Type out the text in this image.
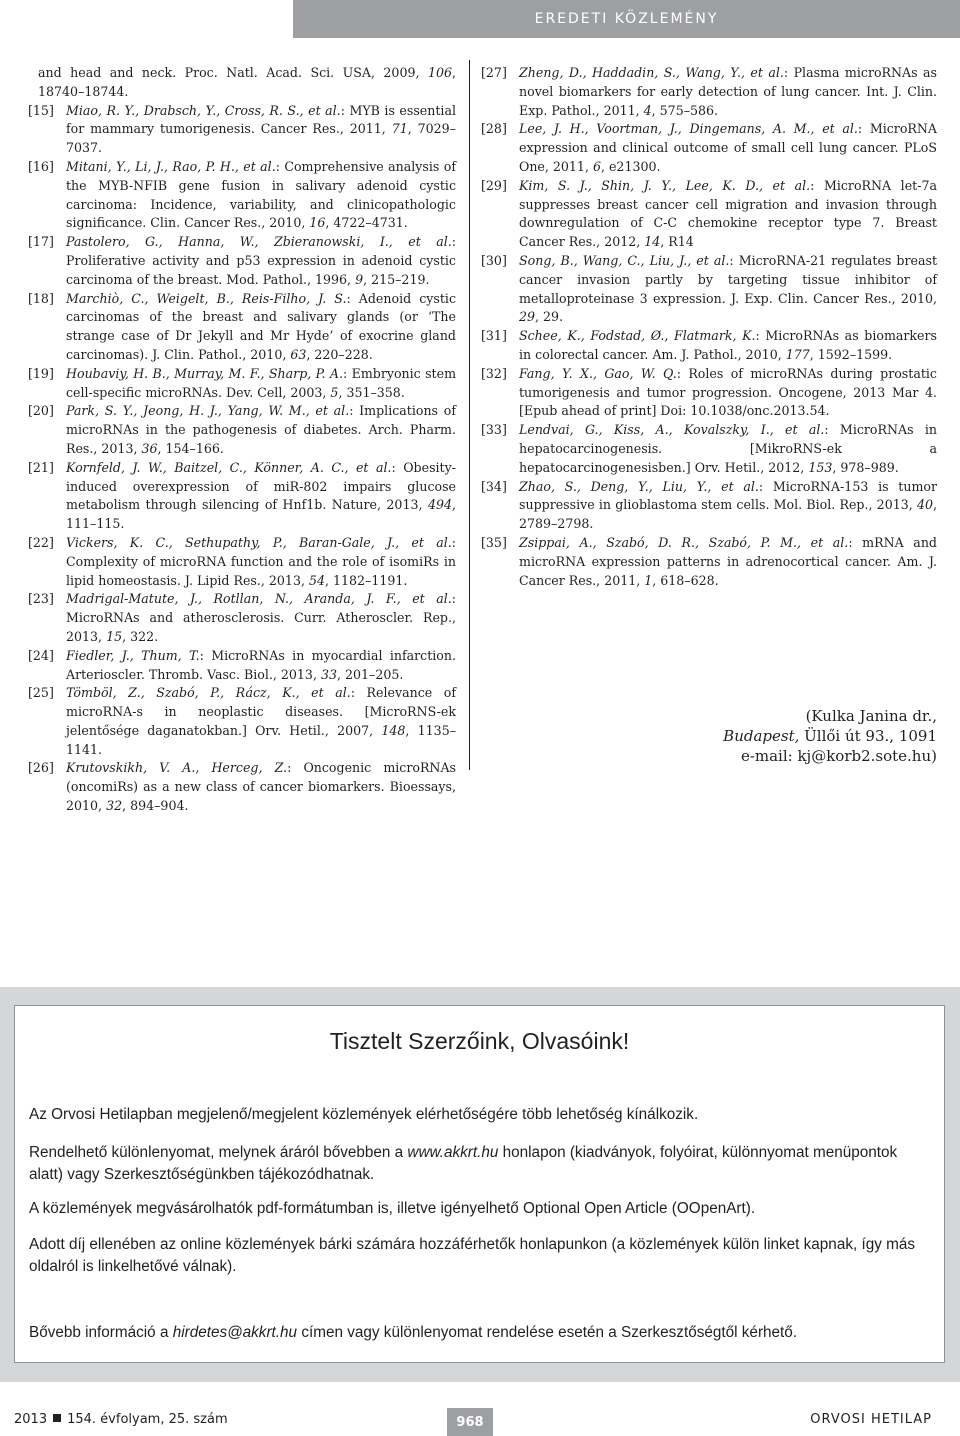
EREDETI KÖZLEMÉNY
and head and neck. Proc. Natl. Acad. Sci. USA, 2009, 106, 18740–18744.
[15] Miao, R. Y., Drabsch, Y., Cross, R. S., et al.: MYB is essential for mammary tumorigenesis. Cancer Res., 2011, 71, 7029–7037.
[16] Mitani, Y., Li, J., Rao, P. H., et al.: Comprehensive analysis of the MYB-NFIB gene fusion in salivary adenoid cystic carcinoma: Incidence, variability, and clinicopathologic significance. Clin. Cancer Res., 2010, 16, 4722–4731.
[17] Pastolero, G., Hanna, W., Zbieranowski, I., et al.: Proliferative activity and p53 expression in adenoid cystic carcinoma of the breast. Mod. Pathol., 1996, 9, 215–219.
[18] Marchiò, C., Weigelt, B., Reis-Filho, J. S.: Adenoid cystic carcinomas of the breast and salivary glands (or ‘The strange case of Dr Jekyll and Mr Hyde’ of exocrine gland carcinomas). J. Clin. Pathol., 2010, 63, 220–228.
[19] Houbaviy, H. B., Murray, M. F., Sharp, P. A.: Embryonic stem cell-specific microRNAs. Dev. Cell, 2003, 5, 351–358.
[20] Park, S. Y., Jeong, H. J., Yang, W. M., et al.: Implications of microRNAs in the pathogenesis of diabetes. Arch. Pharm. Res., 2013, 36, 154–166.
[21] Kornfeld, J. W., Baitzel, C., Könner, A. C., et al.: Obesity-induced overexpression of miR-802 impairs glucose metabolism through silencing of Hnf1b. Nature, 2013, 494, 111–115.
[22] Vickers, K. C., Sethupathy, P., Baran-Gale, J., et al.: Complexity of microRNA function and the role of isomiRs in lipid homeostasis. J. Lipid Res., 2013, 54, 1182–1191.
[23] Madrigal-Matute, J., Rotllan, N., Aranda, J. F., et al.: MicroRNAs and atherosclerosis. Curr. Atheroscler. Rep., 2013, 15, 322.
[24] Fiedler, J., Thum, T.: MicroRNAs in myocardial infarction. Arterioscler. Thromb. Vasc. Biol., 2013, 33, 201–205.
[25] Tömböl, Z., Szabó, P., Rácz, K., et al.: Relevance of microRNA-s in neoplastic diseases. [MicroRNS-ek jelentősége daganatokban.] Orv. Hetil., 2007, 148, 1135–1141.
[26] Krutovskikh, V. A., Herceg, Z.: Oncogenic microRNAs (oncomiRs) as a new class of cancer biomarkers. Bioessays, 2010, 32, 894–904.
[27] Zheng, D., Haddadin, S., Wang, Y., et al.: Plasma microRNAs as novel biomarkers for early detection of lung cancer. Int. J. Clin. Exp. Pathol., 2011, 4, 575–586.
[28] Lee, J. H., Voortman, J., Dingemans, A. M., et al.: MicroRNA expression and clinical outcome of small cell lung cancer. PLoS One, 2011, 6, e21300.
[29] Kim, S. J., Shin, J. Y., Lee, K. D., et al.: MicroRNA let-7a suppresses breast cancer cell migration and invasion through downregulation of C-C chemokine receptor type 7. Breast Cancer Res., 2012, 14, R14
[30] Song, B., Wang, C., Liu, J., et al.: MicroRNA-21 regulates breast cancer invasion partly by targeting tissue inhibitor of metalloproteinase 3 expression. J. Exp. Clin. Cancer Res., 2010, 29, 29.
[31] Schee, K., Fodstad, Ø., Flatmark, K.: MicroRNAs as biomarkers in colorectal cancer. Am. J. Pathol., 2010, 177, 1592–1599.
[32] Fang, Y. X., Gao, W. Q.: Roles of microRNAs during prostatic tumorigenesis and tumor progression. Oncogene, 2013 Mar 4. [Epub ahead of print] Doi: 10.1038/onc.2013.54.
[33] Lendvai, G., Kiss, A., Kovalszky, I., et al.: MicroRNAs in hepatocarcinogenesis. [MikroRNS-ek a hepatocarcinogenesisben.] Orv. Hetil., 2012, 153, 978–989.
[34] Zhao, S., Deng, Y., Liu, Y., et al.: MicroRNA-153 is tumor suppressive in glioblastoma stem cells. Mol. Biol. Rep., 2013, 40, 2789–2798.
[35] Zsippai, A., Szabó, D. R., Szabó, P. M., et al.: mRNA and microRNA expression patterns in adrenocortical cancer. Am. J. Cancer Res., 2011, 1, 618–628.
(Kulka Janina dr.,
Budapest, Üllői út 93., 1091
e-mail: kj@korb2.sote.hu)
Tisztelt Szerzőink, Olvasóink!
Az Orvosi Hetilapban megjelenő/megjelent közlemények elérhetőségére több lehetőség kínálkozik.
Rendelhető különlenyomat, melynek áráról bővebben a www.akkrt.hu honlapon (kiadványok, folyóirat, különnyomat menüpontok alatt) vagy Szerkesztőségünkben tájékozódhatnak.
A közlemények megvásárolhatók pdf-formátumban is, illetve igényelhető Optional Open Article (OOpenArt).
Adott díj ellenében az online közlemények bárki számára hozzáférhetők honlapunkon (a közlemények külön linket kapnak, így más oldalról is linkelhetővé válnak).
Bővebb információ a hirdetes@akkrt.hu címen vagy különlenyomat rendelése esetén a Szerkesztőségtől kérhető.
2013 154. évfolyam, 25. szám	968	ORVOSI HETILAP
